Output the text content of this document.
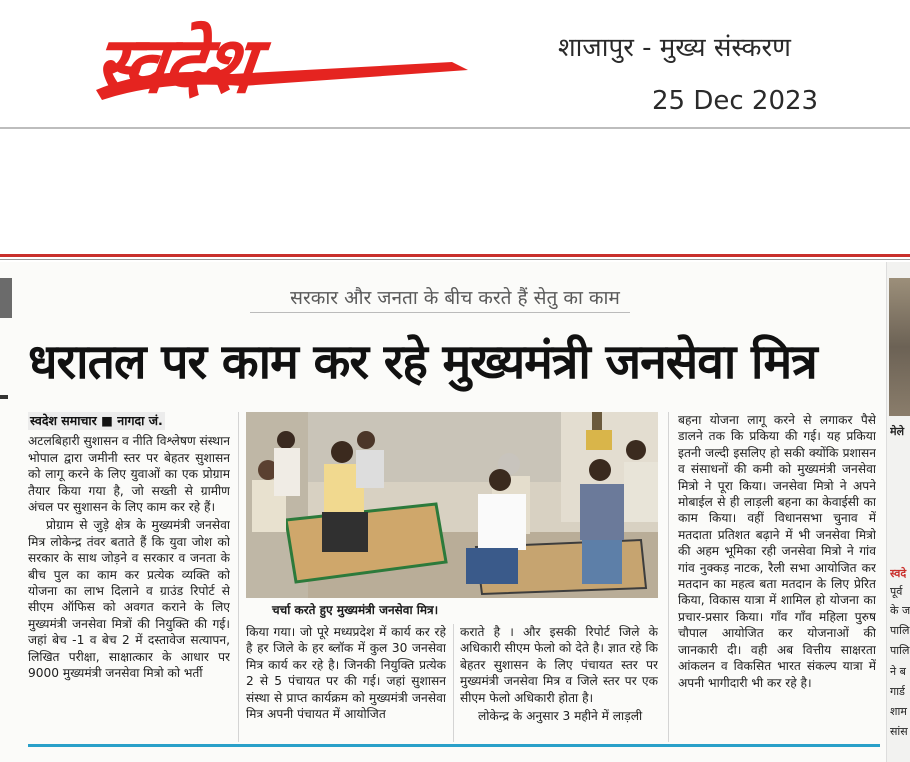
स्वदेश	शाजापुर - मुख्य संस्करण
25 Dec 2023
मेले
स्वदे
पूर्व
के ज
पालि
पालि
ने ब
गार्ड
शाम
सांस
सरकार और जनता के बीच करते हैं सेतु का काम
धरातल पर काम कर रहे मुख्यमंत्री जनसेवा मित्र
स्वदेश समाचार ■ नागदा जं.

अटलबिहारी सुशासन व नीति विश्लेषण संस्थान भोपाल द्वारा जमीनी स्तर पर बेहतर सुशासन को लागू करने के लिए युवाओं का एक प्रोग्राम तैयार किया गया है, जो सख्ती से ग्रामीण अंचल पर सुशासन के लिए काम कर रहे हैं।

प्रोग्राम से जुड़े क्षेत्र के मुख्यमंत्री जनसेवा मित्र लोकेन्द्र तंवर बताते हैं कि युवा जोश को सरकार के साथ जोड़ने व सरकार व जनता के बीच पुल का काम कर प्रत्येक व्यक्ति को योजना का लाभ दिलाने व ग्राउंड रिपोर्ट से सीएम ऑफिस को अवगत कराने के लिए मुख्यमंत्री जनसेवा मित्रों की नियुक्ति की गई। जहां बेच -1 व बेच 2 में दस्तावेज सत्यापन, लिखित परीक्षा, साक्षात्कार के आधार पर 9000 मुख्यमंत्री जनसेवा मित्रो को भर्ती

चर्चा करते हुए मुख्यमंत्री जनसेवा मित्र।

किया गया। जो पूरे मध्यप्रदेश में कार्य कर रहे है हर जिले के हर ब्लॉक में कुल 30 जनसेवा मित्र कार्य कर रहे है। जिनकी नियुक्ति प्रत्येक 2 से 5 पंचायत पर की गई। जहां सुशासन संस्था से प्राप्त कार्यक्रम को मुख्यमंत्री जनसेवा मित्र अपनी पंचायत में आयोजित

कराते है । और इसकी रिपोर्ट जिले के अधिकारी सीएम फेलो को देते है। ज्ञात रहे कि बेहतर सुशासन के लिए पंचायत स्तर पर मुख्यमंत्री जनसेवा मित्र व जिले स्तर पर एक सीएम फेलो अधिकारी होता है।

लोकेन्द्र के अनुसार 3 महीने में लाड़ली

बहना योजना लागू करने से लगाकर पैसे डालने तक कि प्रकिया की गई। यह प्रकिया इतनी जल्दी इसलिए हो सकी क्योंकि प्रशासन व संसाधनों की कमी को मुख्यमंत्री जनसेवा मित्रो ने पूरा किया। जनसेवा मित्रो ने अपने मोबाईल से ही लाड़ली बहना का केवाईसी का काम किया। वहीं विधानसभा चुनाव में मतदाता प्रतिशत बढ़ाने में भी जनसेवा मित्रो की अहम भूमिका रही जनसेवा मित्रो ने गांव गांव नुक्कड़ नाटक, रैली सभा आयोजित कर मतदान का महत्व बता मतदान के लिए प्रेरित किया, विकास यात्रा में शामिल हो योजना का प्रचार-प्रसार किया। गाँव गाँव महिला पुरुष चौपाल आयोजित कर योजनाओं की जानकारी दी। वही अब वित्तीय साक्षरता आंकलन व विकसित भारत संकल्प यात्रा में अपनी भागीदारी भी कर रहे है।
